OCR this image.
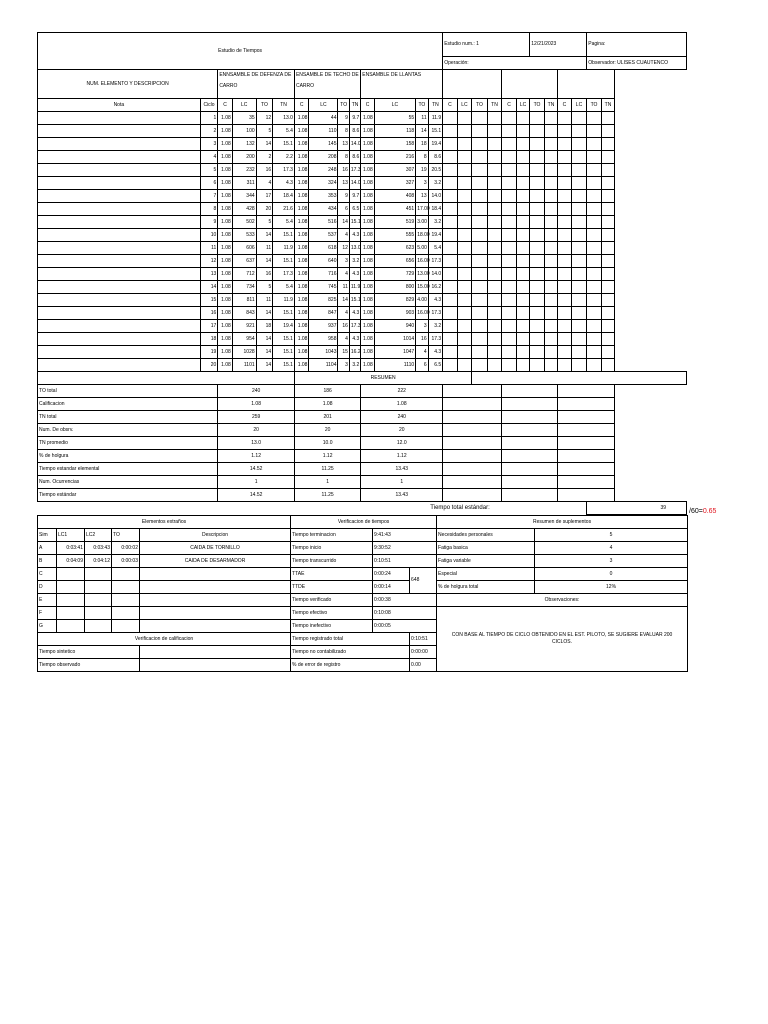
Estudio de Tiempos														Estudio num.: 1						12/21/2023				Pagina:	
														Operación:										Observador: ULISES CUAUTENCO	
NUM. ELEMENTO Y DESCRIPCION		ENNSAMBLE DE DEFENZA DE CARRO				ENSAMBLE DE TECHO DE CARRO				ENSAMBLE DE LLANTAS															
Nota	Ciclo	C	LC	TO	TN	C	LC	TO	TN	C	LC	TO	TN	C	LC	TO	TN	C	LC	TO	TN	C	LC	TO	TN
	1	1.08	35	12	13.0	1.08	44	9	9.7	1.08	55	11	11.9												
	2	1.08	100	5	5.4	1.08	110	8	8.6	1.08	118	14	15.1												
	3	1.08	132	14	15.1	1.08	145	13	14.0	1.08	158	18	19.4												
	4	1.08	200	2	2.2	1.08	208	8	8.6	1.08	216	8	8.6												
	5	1.08	232	16	17.3	1.08	248	16	17.3	1.08	307	19	20.5												
	6	1.08	311	4	4.3	1.08	324	13	14.0	1.08	327	3	3.2												
	7	1.08	344	17	18.4	1.08	353	9	9.7	1.08	408	13	14.0												
	8	1.08	428	20	21.6	1.08	434	6	6.5	1.08	451	17.00	18.4												
	9	1.08	502	5	5.4	1.08	516	14	15.1	1.08	519	3.00	3.2												
	10	1.08	533	14	15.1	1.08	537	4	4.3	1.08	555	18.00	19.4												
	11	1.08	606	11	11.9	1.08	618	12	13.0	1.08	623	5.00	5.4												
	12	1.08	637	14	15.1	1.08	640	3	3.2	1.08	656	16.00	17.3												
	13	1.08	712	16	17.3	1.08	716	4	4.3	1.08	729	13.00	14.0												
	14	1.08	734	5	5.4	1.08	745	11	11.9	1.08	800	15.00	16.2												
	15	1.08	811	11	11.9	1.08	825	14	15.1	1.08	829	4.00	4.3												
	16	1.08	843	14	15.1	1.08	847	4	4.3	1.08	903	16.00	17.3												
	17	1.08	921	18	19.4	1.08	937	16	17.3	1.08	940	3	3.2												
	18	1.08	954	14	15.1	1.08	958	4	4.3	1.08	1014	16	17.3												
	19	1.08	1028	14	15.1	1.08	1043	15	16.2	1.08	1047	4	4.3												
	20	1.08	1101	14	15.1	1.08	1104	3	3.2	1.08	1110	6	6.5												
						RESUMEN																			
TO total		240				186				222															
Calificacion		1.08				1.08				1.08															
TN total		259				201				240															
Num. De obsrv.		20				20				20															
TN promedio		13.0				10.0				12.0															
% de holgura		1.12				1.12				1.12															
Tiempo estandar elemental		14.52				11.25				13.43															
Num. Ocurrencias		1				1				1															
Tiempo estándar		14.52				11.25				13.43															
Tiempo total estándar:																								39	
Elementos extraños					Verificacion de tiempos			Resumen de suplementos	
Sim	LC1	LC2	TO	Descripcion	Tiempo terminacion	9:41:43		Necesidades personales	5
A	0:03:41	0:03:43	0:00:02	CAIDA DE TORNILLO	Tiempo inicio	9:30:52		Fatiga basica	4
B	0:04:09	0:04:12	0:00:03	CAIDA DE DESARMADOR	Tiempo transcurrido	0:10:51		Fatiga variable	3
C					TTAE	0:00:24	648	Especial	0
D					TTDE	0:00:14		% de holgura total	12%
E					Tiempo verificado	0:00:38		Observaciones:	
F					Tiempo efectivo	0:10:08		CON BASE AL TIEMPO DE CICLO OBTENIDO EN EL EST. PILOTO, SE SUGIERE EVALUAR 200 CICLOS.	
G					Tiempo inefectivo	0:00:05			
Verificacion de calificacion					Tiempo registrado total		0:10:51		
Tiempo sintetico					Tiempo no contabilizado		0:00:00		
Tiempo observado					% de error de registro		0.00		
/60=0.65
